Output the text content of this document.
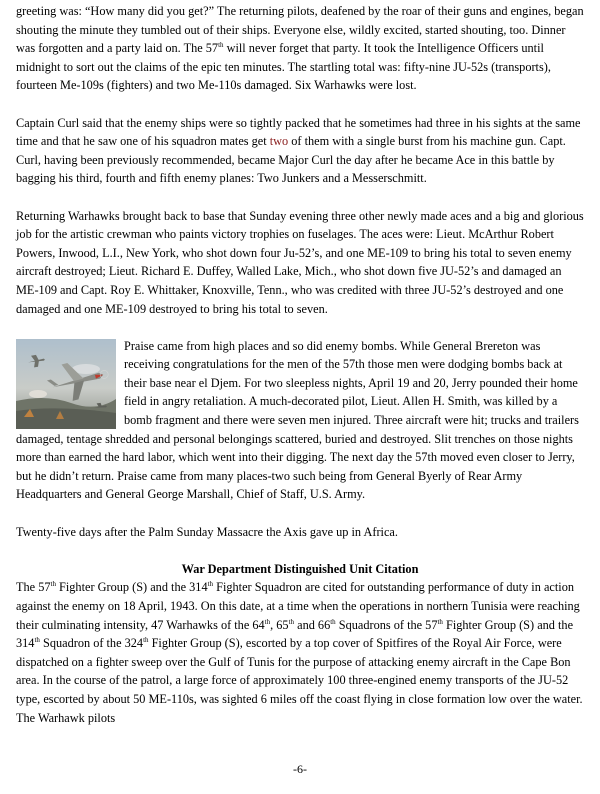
greeting was: “How many did you get?” The returning pilots, deafened by the roar of their guns and engines, began shouting the minute they tumbled out of their ships. Everyone else, wildly excited, started shouting, too. Dinner was forgotten and a party laid on. The 57th will never forget that party. It took the Intelligence Officers until midnight to sort out the claims of the epic ten minutes. The startling total was: fifty-nine JU-52s (transports), fourteen Me-109s (fighters) and two Me-110s damaged. Six Warhawks were lost.

Captain Curl said that the enemy ships were so tightly packed that he sometimes had three in his sights at the same time and that he saw one of his squadron mates get two of them with a single burst from his machine gun. Capt. Curl, having been previously recommended, became Major Curl the day after he became Ace in this battle by bagging his third, fourth and fifth enemy planes: Two Junkers and a Messerschmitt.

Returning Warhawks brought back to base that Sunday evening three other newly made aces and a big and glorious job for the artistic crewman who paints victory trophies on fuselages. The aces were: Lieut. McArthur Robert Powers, Inwood, L.I., New York, who shot down four Ju-52’s, and one ME-109 to bring his total to seven enemy aircraft destroyed; Lieut. Richard E. Duffey, Walled Lake, Mich., who shot down five JU-52’s and damaged an ME-109 and Capt. Roy E. Whittaker, Knoxville, Tenn., who was credited with three JU-52’s destroyed and one damaged and one ME-109 destroyed to bring his total to seven.

Praise came from high places and so did enemy bombs. While General Brereton was receiving congratulations for the men of the 57th those men were dodging bombs back at their base near el Djem. For two sleepless nights, April 19 and 20, Jerry pounded their home field in angry retaliation. A much-decorated pilot, Lieut. Allen H. Smith, was killed by a bomb fragment and there were seven men injured. Three aircraft were hit; trucks and trailers damaged, tentage shredded and personal belongings scattered, buried and destroyed. Slit trenches on those nights more than earned the hard labor, which went into their digging. The next day the 57th moved even closer to Jerry, but he didn’t return. Praise came from many places-two such being from General Byerly of Rear Army Headquarters and General George Marshall, Chief of Staff, U.S. Army.

Twenty-five days after the Palm Sunday Massacre the Axis gave up in Africa.

War Department Distinguished Unit Citation

The 57th Fighter Group (S) and the 314th Fighter Squadron are cited for outstanding performance of duty in action against the enemy on 18 April, 1943. On this date, at a time when the operations in northern Tunisia were reaching their culminating intensity, 47 Warhawks of the 64th, 65th and 66th Squadrons of the 57th Fighter Group (S) and the 314th Squadron of the 324th Fighter Group (S), escorted by a top cover of Spitfires of the Royal Air Force, were dispatched on a fighter sweep over the Gulf of Tunis for the purpose of attacking enemy aircraft in the Cape Bon area. In the course of the patrol, a large force of approximately 100 three-engined enemy transports of the JU-52 type, escorted by about 50 ME-110s, was sighted 6 miles off the coast flying in close formation low over the water. The Warhawk pilots

-6-
